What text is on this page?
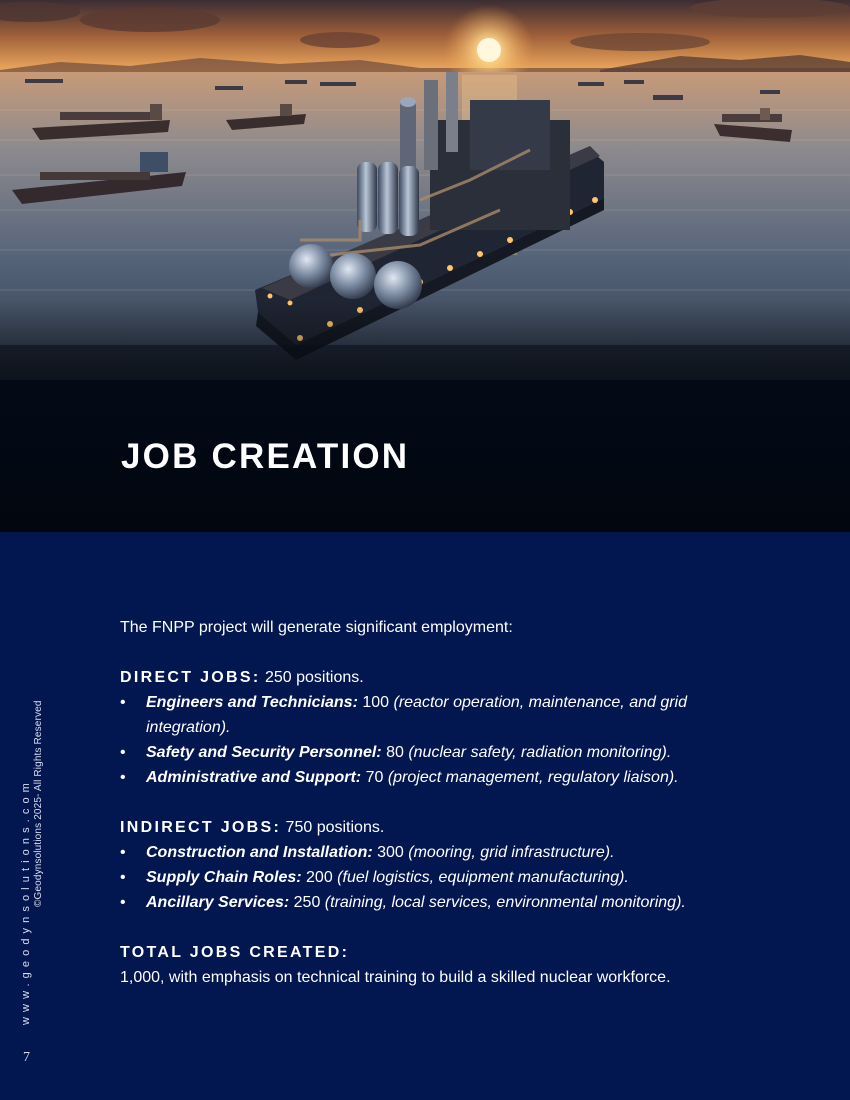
JOB CREATION

The FNPP project will generate significant employment:

DIRECT JOBS: 250 positions.

• Engineers and Technicians: 100 (reactor operation, maintenance, and grid integration).
• Safety and Security Personnel: 80 (nuclear safety, radiation monitoring).
• Administrative and Support: 70 (project management, regulatory liaison).

INDIRECT JOBS: 750 positions.

• Construction and Installation: 300 (mooring, grid infrastructure).
• Supply Chain Roles: 200 (fuel logistics, equipment manufacturing).
• Ancillary Services: 250 (training, local services, environmental monitoring).

TOTAL JOBS CREATED:

1,000, with emphasis on technical training to build a skilled nuclear workforce.

www.geodynsolutions.com ©Geodynsolutions 2025- All Rights Reserved
7
